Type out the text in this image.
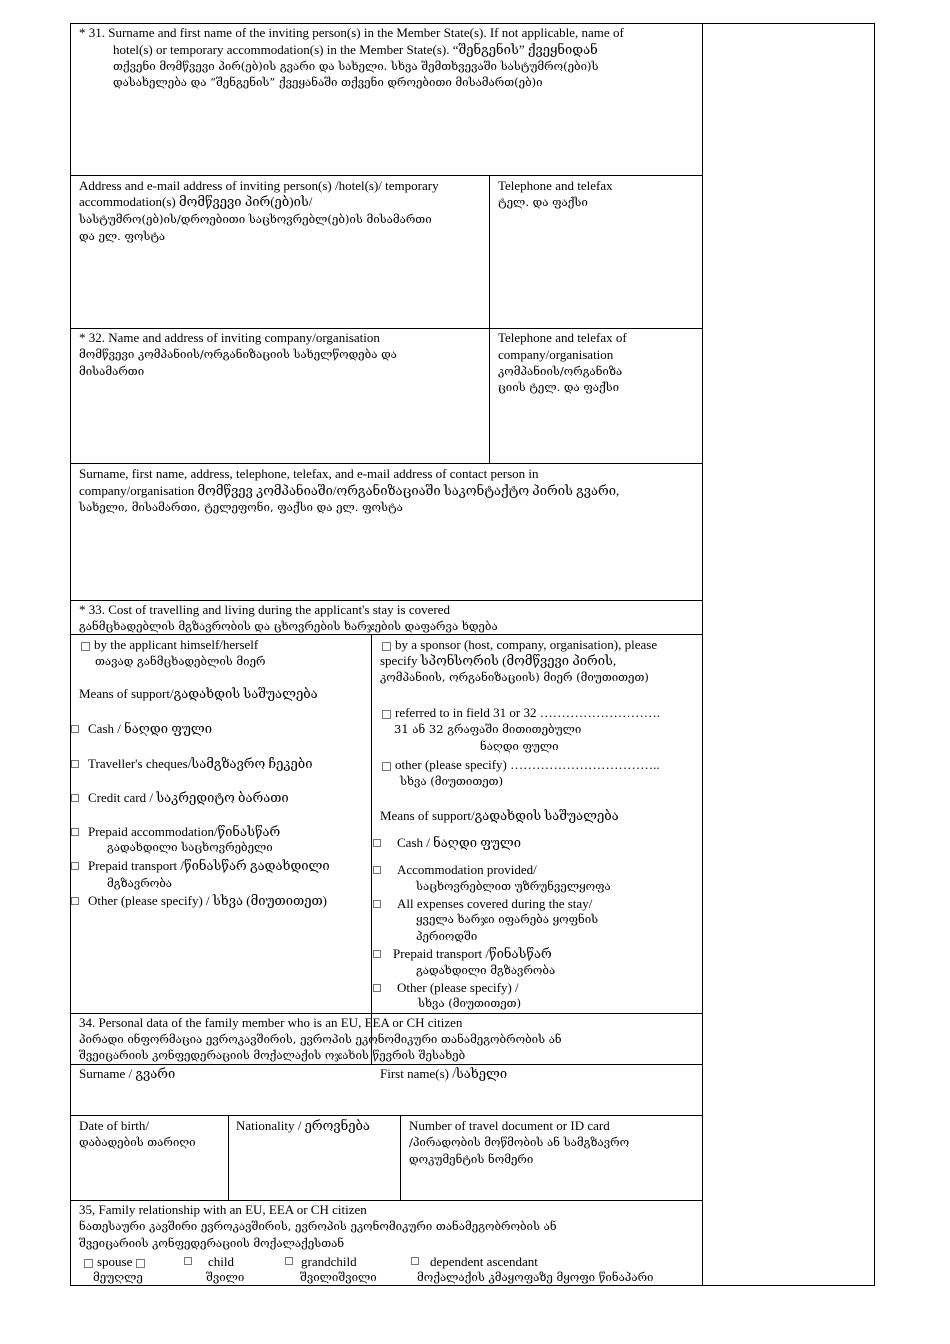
* 31. Surname and first name of the inviting person(s) in the Member State(s). If not applicable, name of
hotel(s) or temporary accommodation(s) in the Member State(s). “შენგენის” ქვეყნიდან
თქვენი მომწვევი პირ(ებ)ის გვარი და სახელი. სხვა შემთხვევაში სასტუმრო(ები)ს
დასახელება და “შენგენის” ქვეყანაში თქვენი დროებითი მისამართ(ებ)ი
Address and e-mail address of inviting person(s) /hotel(s)/ temporary
accommodation(s) მომწვევი პირ(ებ)ის/
სასტუმრო(ებ)ის/დროებითი საცხოვრებლ(ებ)ის მისამართი
და ელ. ფოსტა
Telephone and telefax
ტელ. და ფაქსი
* 32. Name and address of inviting company/organisation
მომწვევი კომპანიის/ორგანიზაციის სახელწოდება და
მისამართი
Telephone and telefax of
company/organisation
კომპანიის/ორგანიზა
ციის ტელ. და ფაქსი
Surname, first name, address, telephone, telefax, and e-mail address of contact person in
company/organisation მომწვევ კომპანიაში/ორგანიზაციაში საკონტაქტო პირის გვარი,
სახელი, მისამართი, ტელეფონი, ფაქსი და ელ. ფოსტა
* 33. Cost of travelling and living during the applicant's stay is covered
განმცხადებლის მგზავრობის და ცხოვრების ხარჯების დაფარვა ხდება
by the applicant himself/herself
თავად განმცხადებლის მიერ
Means of support/გადახდის საშუალება
Cash / ნაღდი ფული
Traveller's cheques/სამგზავრო ჩეკები
Credit card / საკრედიტო ბარათი
Prepaid accommodation/წინასწარ
გადახდილი საცხოვრებელი
Prepaid transport /წინასწარ გადახდილი
მგზავრობა
Other (please specify) / სხვა (მიუთითეთ)
by a sponsor (host, company, organisation), please
specify სპონსორის (მომწვევი პირის,
კომპანიის, ორგანიზაციის) მიერ (მიუთითეთ)
referred to in field 31 or 32 ……………………….
31 ან 32 გრაფაში მითითებული
ნაღდი ფული
other (please specify) ……………………………..
სხვა (მიუთითეთ)
Means of support/გადახდის საშუალება
Cash / ნაღდი ფული
Accommodation provided/
საცხოვრებლით უზრუნველყოფა
All expenses covered during the stay/
ყველა ხარჯი იფარება ყოფნის
პერიოდში
Prepaid transport /წინასწარ
გადახდილი მგზავრობა
Other (please specify) /
სხვა (მიუთითეთ)
34. Personal data of the family member who is an EU, EEA or CH citizen
პირადი ინფორმაცია ევროკავშირის, ევროპის ეკონომიკური თანამეგობრობის ან
შვეიცარიის კონფედერაციის მოქალაქის ოჯახის წევრის შესახებ
Surname / გვარი	First name(s) /სახელი
Date of birth/
დაბადების თარიღი
Nationality / ეროვნება	Number of travel document or ID card
/პირადობის მოწმობის ან სამგზავრო
დოკუმენტის ნომერი
35, Family relationship with an EU, EEA or CH citizen
ნათესაური კავშირი ევროკავშირის, ევროპის ეკონომიკური თანამეგობრობის ან
შვეიცარიის კონფედერაციის მოქალაქესთან
spouse
მეუღლე
child
შვილი
grandchild
შვილიშვილი
dependent ascendant
მოქალაქის კმაყოფაზე მყოფი წინაპარი
